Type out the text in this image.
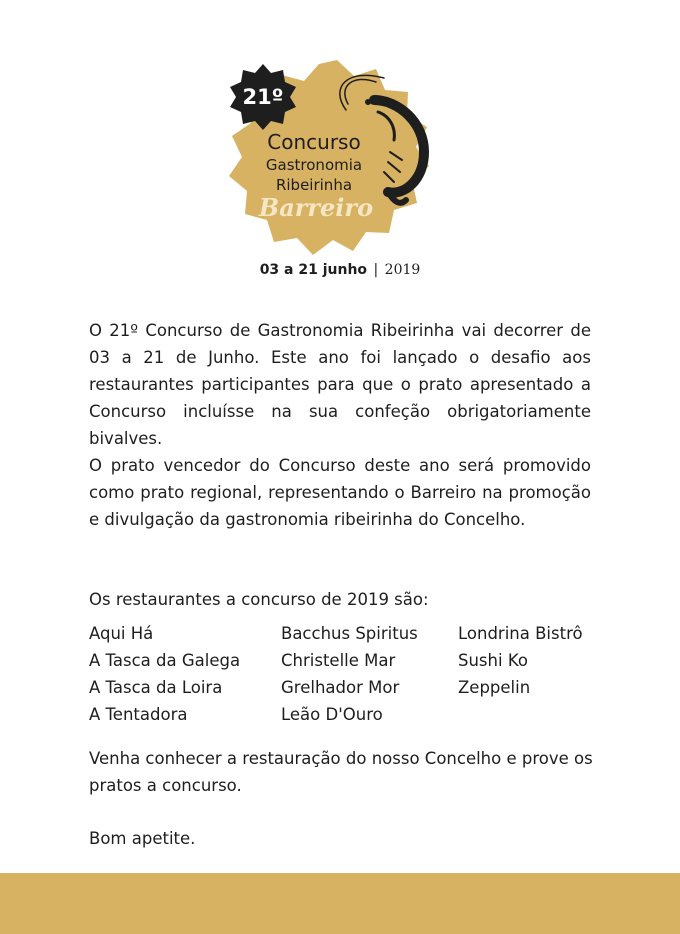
21º
Concurso
Gastronomia
Ribeirinha
Barreiro
03 a 21 junho | 2019

O 21º Concurso de Gastronomia Ribeirinha vai decorrer de 03 a 21 de Junho. Este ano foi lançado o desafio aos restaurantes participantes para que o prato apresentado a Concurso incluísse na sua confeção obrigatoriamente bivalves.

O prato vencedor do Concurso deste ano será promovido como prato regional, representando o Barreiro na promoção e divulgação da gastronomia ribeirinha do Concelho.

Os restaurantes a concurso de 2019 são:
Aqui Há
A Tasca da Galega
A Tasca da Loira
A Tentadora
Bacchus Spiritus
Christelle Mar
Grelhador Mor
Leão D'Ouro
Londrina Bistrô
Sushi Ko
Zeppelin
Venha conhecer a restauração do nosso Concelho e prove os pratos a concurso.
Bom apetite.
